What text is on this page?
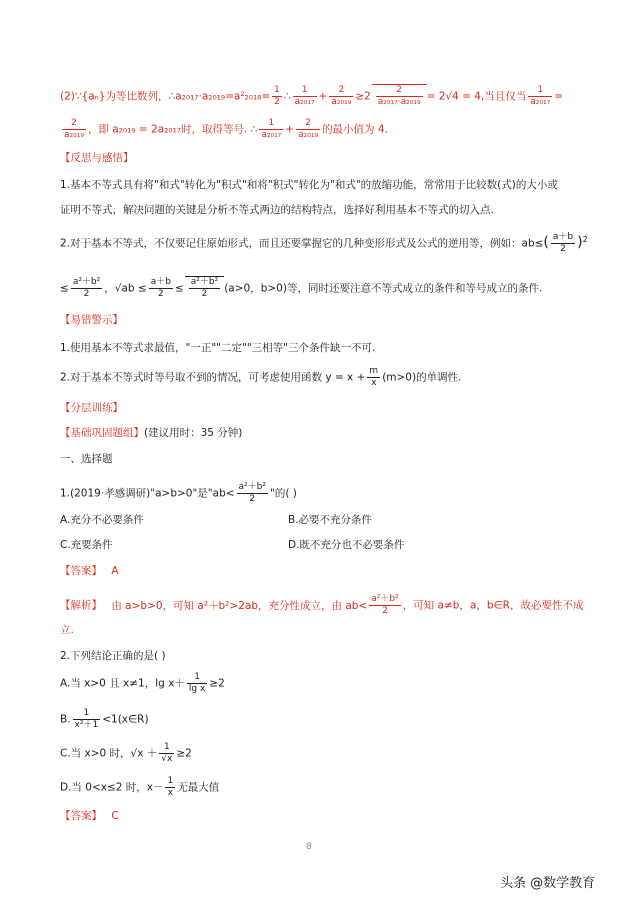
(2)∵{aₙ}为等比数列，∴a₂₀₁₇·a₂₀₁₉=a²₂₀₁₈= $\frac{1}{2}$ ∴ $\frac{1}{\text{a₂₀₁₇}} + \frac{2}{\text{a₂₀₁₉}} \ge 2 \frac{2}{\text{a₂₀₁₇·a₂₀₁₉}} = 2√4 = 4$,当且仅当 $\frac{1}{\text{a₂₀₁₇}}$ =
$\frac{2}{\text{a₂₀₁₉}}$ ，即 a₂₀₁₉ = 2a₂₀₁₇时，取得等号. ∴ $\frac{1}{\text{a₂₀₁₇}} + \frac{2}{\text{a₂₀₁₉}}$ 的最小值为 4.
【反思与感悟】
1.基本不等式具有将"和式"转化为"积式"和将"积式"转化为"和式"的放缩功能，常常用于比较数(式)的大小或
证明不等式，解决问题的关键是分析不等式两边的结构特点，选择好利用基本不等式的切入点.
2.对于基本不等式，不仅要记住原始形式，而且还要掌握它的几种变形形式及公式的逆用等，例如：$ab\le( \frac{a+b}{2} )^2$
≤ $\frac{\text{a²＋b²}}{2}$ ，$√ab \le \frac{a+b}{2} \le \frac{\text{a²＋b²}}{2} (a>0$，b>0)等，同时还要注意不等式成立的条件和等号成立的条件.
【易错警示】
1.使用基本不等式求最值，"一正""二定""三相等"三个条件缺一不可.
2.对于基本不等式时等号取不到的情况，可考虑使用函数 $y = x + \frac{m}{x} (m>0)$的单调性.
【分层训练】
【基础巩固题组】(建议用时：35 分钟)
一、选择题
1.(2019·孝感调研)"a>b>0"是"$ab< \frac{\text{a²＋b²}}{2}$ "的( )
A.充分不必要条件	B.必要不充分条件
C.充要条件	D.既不充分也不必要条件
【答案】 A
【解析】 由 a>b>0，可知 a²＋b²>2ab，充分性成立，由 $ab< \frac{\text{a²＋b²}}{2}$ ，可知 a≠b，a，b∈R，故必要性不成
立.
2.下列结论正确的是( )
A.当 x>0 且 x≠1，$\lg x+ \frac{1}{\text{lg x}} \ge 2$
B. $\frac{1}{\text{x²＋1}}$ <1(x∈R)
C.当 x>0 时，$√x + \frac{1}{√x} \ge 2$
D.当 0<x≤2 时，$x- \frac{1}{x}$ 无最大值
【答案】 C
8
头条 @数学教育
